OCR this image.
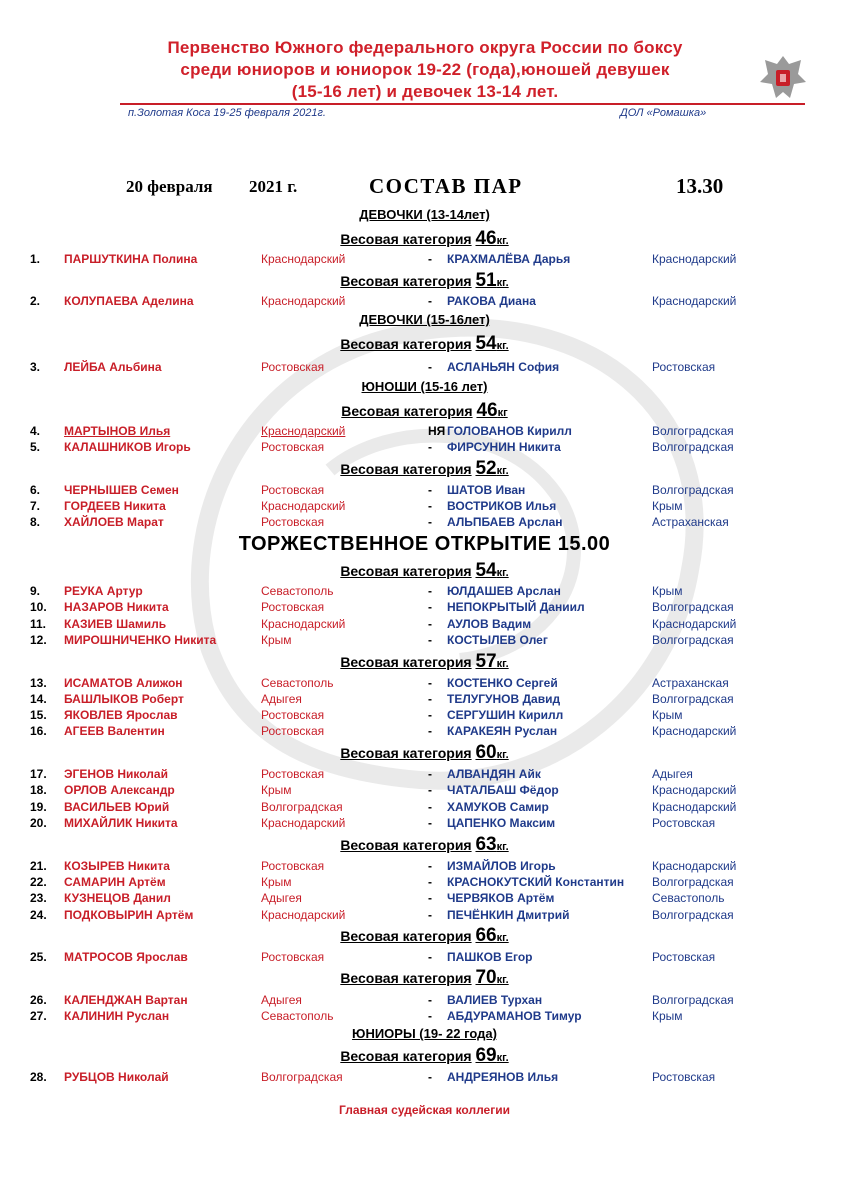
Первенство Южного федерального округа России по боксу
среди юниоров и юниорок 19-22 (года),юношей девушек
(15-16 лет) и девочек 13-14 лет.
п.Золотая Коса 19-25 февраля 2021г.	ДОЛ «Ромашка»
20 февраля 2021 г.	СОСТАВ ПАР	13.30
ДЕВОЧКИ (13-14лет)
Весовая категория 46кг.
Весовая категория 51кг.
ДЕВОЧКИ (15-16лет)
Весовая категория 54кг.
ЮНОШИ (15-16 лет)
Весовая категория 46кг
Весовая категория 52кг.
ТОРЖЕСТВЕННОЕ ОТКРЫТИЕ 15.00
Весовая категория 54кг.
Весовая категория 57кг.
Весовая категория 60кг.
Весовая категория 63кг.
Весовая категория 66кг.
Весовая категория 70кг.
ЮНИОРЫ (19- 22 года)
Весовая категория 69кг.
1. ПАРШУТКИНА Полина	Краснодарский	- КРАХМАЛЁВА Дарья	Краснодарский
2. КОЛУПАЕВА Аделина	Краснодарский	- РАКОВА Диана	Краснодарский
3. ЛЕЙБА Альбина	Ростовская	- АСЛАНЬЯН София	Ростовская
4. МАРТЫНОВ Илья	Краснодарский	НЯ ГОЛОВАНОВ Кирилл	Волгоградская
5. КАЛАШНИКОВ Игорь	Ростовская	- ФИРСУНИН Никита	Волгоградская
6. ЧЕРНЫШЕВ Семен	Ростовская	- ШАТОВ Иван	Волгоградская
7. ГОРДЕЕВ Никита	Краснодарский	- ВОСТРИКОВ Илья	Крым
8. ХАЙЛОЕВ Марат	Ростовская	- АЛЬПБАЕВ Арслан	Астраханская
9. РЕУКА Артур	Севастополь	- ЮЛДАШЕВ Арслан	Крым
10. НАЗАРОВ Никита	Ростовская	- НЕПОКРЫТЫЙ Даниил	Волгоградская
11. КАЗИЕВ Шамиль	Краснодарский	- АУЛОВ Вадим	Краснодарский
12. МИРОШНИЧЕНКО Никита	Крым	- КОСТЫЛЕВ Олег	Волгоградская
13. ИСАМАТОВ Алижон	Севастополь	- КОСТЕНКО Сергей	Астраханская
14. БАШЛЫКОВ Роберт	Адыгея	- ТЕЛУГУНОВ Давид	Волгоградская
15. ЯКОВЛЕВ Ярослав	Ростовская	- СЕРГУШИН Кирилл	Крым
16. АГЕЕВ Валентин	Ростовская	- КАРАКЕЯН Руслан	Краснодарский
17. ЭГЕНОВ Николай	Ростовская	- АЛВАНДЯН Айк	Адыгея
18. ОРЛОВ Александр	Крым	- ЧАТАЛБАШ Фёдор	Краснодарский
19. ВАСИЛЬЕВ Юрий	Волгоградская	- ХАМУКОВ Самир	Краснодарский
20. МИХАЙЛИК Никита	Краснодарский	- ЦАПЕНКО Максим	Ростовская
21. КОЗЫРЕВ Никита	Ростовская	- ИЗМАЙЛОВ Игорь	Краснодарский
22. САМАРИН Артём	Крым	- КРАСНОКУТСКИЙ Константин Волгоградская
23. КУЗНЕЦОВ Данил	Адыгея	- ЧЕРВЯКОВ Артём	Севастополь
24. ПОДКОВЫРИН Артём	Краснодарский	- ПЕЧЁНКИН Дмитрий	Волгоградская
25. МАТРОСОВ Ярослав	Ростовская	- ПАШКОВ Егор	Ростовская
26. КАЛЕНДЖАН Вартан	Адыгея	- ВАЛИЕВ Турхан	Волгоградская
27. КАЛИНИН Руслан	Севастополь	- АБДУРАМАНОВ Тимур	Крым
28. РУБЦОВ Николай	Волгоградская	- АНДРЕЯНОВ Илья	Ростовская
Главная судейская коллегии
